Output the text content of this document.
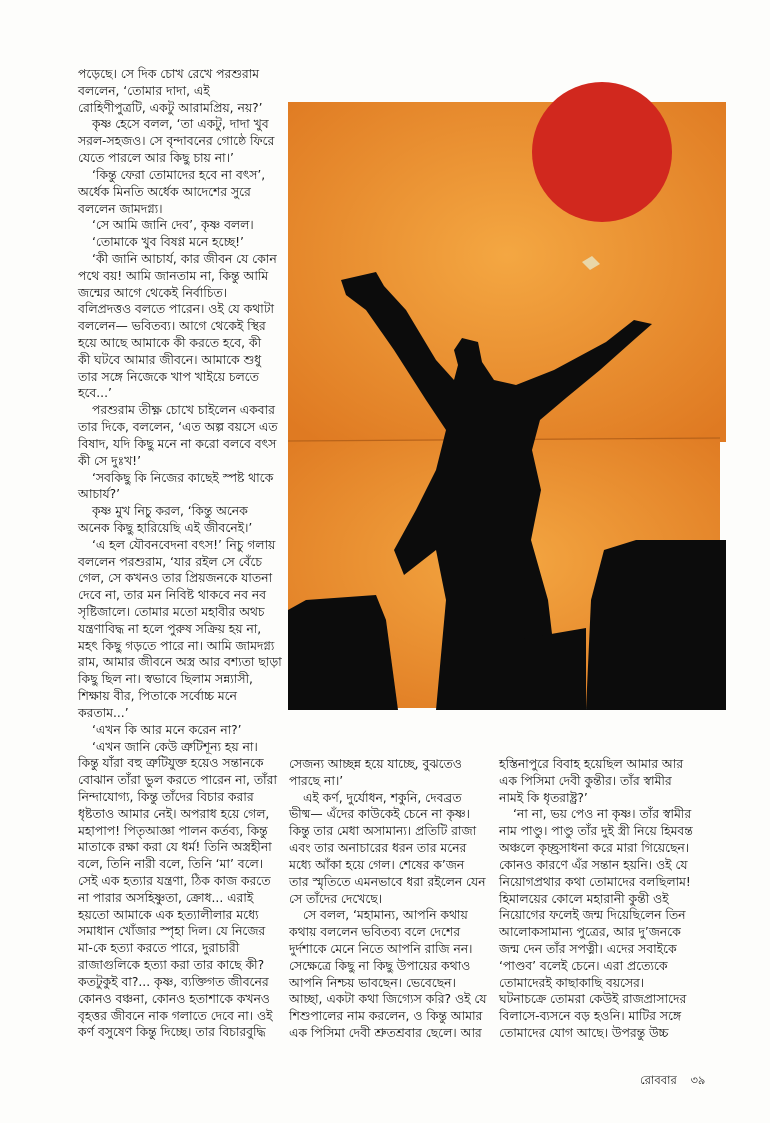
পড়েছে। সে দিক চোখ রেখে পরশুরাম
বললেন, ‘তোমার দাদা, এই
রোহিণীপুত্রটি, একটু আরামপ্রিয়, নয়?’
কৃষ্ণ হেসে বলল, ‘তা একটু, দাদা খুব
সরল-সহজও। সে বৃন্দাবনের গোষ্ঠে ফিরে
যেতে পারলে আর কিছু চায় না।’
‘কিন্তু ফেরা তোমাদের হবে না বৎস’,
অর্ধেক মিনতি অর্ধেক আদেশের সুরে
বললেন জামদগ্ন্য।
‘সে আমি জানি দেব’, কৃষ্ণ বলল।
‘তোমাকে খুব বিষণ্ণ মনে হচ্ছে!’
‘কী জানি আচার্য, কার জীবন যে কোন
পথে বয়! আমি জানতাম না, কিন্তু আমি
জন্মের আগে থেকেই নির্বাচিত।
বলিপ্রদত্তও বলতে পারেন। ওই যে কথাটা
বললেন— ভবিতব্য। আগে থেকেই স্থির
হয়ে আছে আমাকে কী করতে হবে, কী
কী ঘটবে আমার জীবনে। আমাকে শুধু
তার সঙ্গে নিজেকে খাপ খাইয়ে চলতে
হবে...’
পরশুরাম তীক্ষ্ণ চোখে চাইলেন একবার
তার দিকে, বললেন, ‘এত অল্প বয়সে এত
বিষাদ, যদি কিছু মনে না করো বলবে বৎস
কী সে দুঃখ!’
‘সবকিছু কি নিজের কাছেই স্পষ্ট থাকে
আচার্য?’
কৃষ্ণ মুখ নিচু করল, ‘কিন্তু অনেক
অনেক কিছু হারিয়েছি এই জীবনেই।’
‘এ হল যৌবনবেদনা বৎস!’ নিচু গলায়
বললেন পরশুরাম, ‘যার রইল সে বেঁচে
গেল, সে কখনও তার প্রিয়জনকে যাতনা
দেবে না, তার মন নিবিষ্ট থাকবে নব নব
সৃষ্টিজালে। তোমার মতো মহাবীর অথচ
যন্ত্রণাবিদ্ধ না হলে পুরুষ সক্রিয় হয় না,
মহৎ কিছু গড়তে পারে না। আমি জামদগ্ন্য
রাম, আমার জীবনে অস্ত্র আর বশ্যতা ছাড়া
কিছু ছিল না। স্বভাবে ছিলাম সন্ন্যাসী,
শিক্ষায় বীর, পিতাকে সর্বোচ্চ মনে
করতাম...’
‘এখন কি আর মনে করেন না?’
‘এখন জানি কেউ ত্রুটিশূন্য হয় না।
কিন্তু যাঁরা বহু ত্রুটিযুক্ত হয়েও সন্তানকে
বোঝান তাঁরা ভুল করতে পারেন না, তাঁরা
নিন্দাযোগ্য, কিন্তু তাঁদের বিচার করার
ধৃষ্টতাও আমার নেই। অপরাধ হয়ে গেল,
মহাপাপ! পিতৃআজ্ঞা পালন কর্তব্য, কিন্তু
মাতাকে রক্ষা করা যে ধর্ম! তিনি অস্ত্রহীনা
বলে, তিনি নারী বলে, তিনি ‘মা’ বলে।
সেই এক হত্যার যন্ত্রণা, ঠিক কাজ করতে
না পারার অসহিষ্ণুতা, ক্রোধ... এরাই
হয়তো আমাকে এক হত্যালীলার মধ্যে
সমাধান খোঁজার স্পৃহা দিল। যে নিজের
মা-কে হত্যা করতে পারে, দুরাচারী
রাজাগুলিকে হত্যা করা তার কাছে কী?
কতটুকুই বা?... কৃষ্ণ, ব্যক্তিগত জীবনের
কোনও বঞ্চনা, কোনও হতাশাকে কখনও
বৃহত্তর জীবনে নাক গলাতে দেবে না। ওই
কর্ণ বসুষেণ কিন্তু দিচ্ছে। তার বিচারবুদ্ধি
সেজন্য আচ্ছন্ন হয়ে যাচ্ছে, বুঝতেও
পারছে না।’
এই কর্ণ, দুর্যোধন, শকুনি, দেবব্রত
ভীষ্ম— এঁদের কাউকেই চেনে না কৃষ্ণ।
কিন্তু তার মেধা অসামান্য। প্রতিটি রাজা
এবং তার অনাচারের ধরন তার মনের
মধ্যে আঁকা হয়ে গেল। শেষের ক’জন
তার স্মৃতিতে এমনভাবে ধরা রইলেন যেন
সে তাঁদের দেখেছে।
সে বলল, ‘মহামান্য, আপনি কথায়
কথায় বললেন ভবিতব্য বলে দেশের
দুর্দশাকে মেনে নিতে আপনি রাজি নন।
সেক্ষেত্রে কিছু না কিছু উপায়ের কথাও
আপনি নিশ্চয় ভাবছেন। ভেবেছেন।
আচ্ছা, একটা কথা জিগ্যেস করি? ওই যে
শিশুপালের নাম করলেন, ও কিন্তু আমার
এক পিসিমা দেবী শ্রুতশ্রবার ছেলে। আর
হস্তিনাপুরে বিবাহ হয়েছিল আমার আর
এক পিসিমা দেবী কুন্তীর। তাঁর স্বামীর
নামই কি ধৃতরাষ্ট্র?’
‘না না, ভয় পেও না কৃষ্ণ। তাঁর স্বামীর
নাম পাণ্ডু। পাণ্ডু তাঁর দুই স্ত্রী নিয়ে হিমবন্ত
অঞ্চলে কৃচ্ছ্রসাধনা করে মারা গিয়েছেন।
কোনও কারণে এঁর সন্তান হয়নি। ওই যে
নিয়োগপ্রথার কথা তোমাদের বলছিলাম!
হিমালয়ের কোলে মহারানী কুন্তী ওই
নিয়োগের ফলেই জন্ম দিয়েছিলেন তিন
আলোকসামান্য পুত্রের, আর দু’জনকে
জন্ম দেন তাঁর সপত্নী। এদের সবাইকে
‘পাণ্ডব’ বলেই চেনে। এরা প্রত্যেকে
তোমাদেরই কাছাকাছি বয়সের।
ঘটনাচক্রে তোমরা কেউই রাজপ্রাসাদের
বিলাসে-ব্যসনে বড় হওনি। মাটির সঙ্গে
তোমাদের যোগ আছে। উপরন্তু উচ্চ
রোববার ৩৯
